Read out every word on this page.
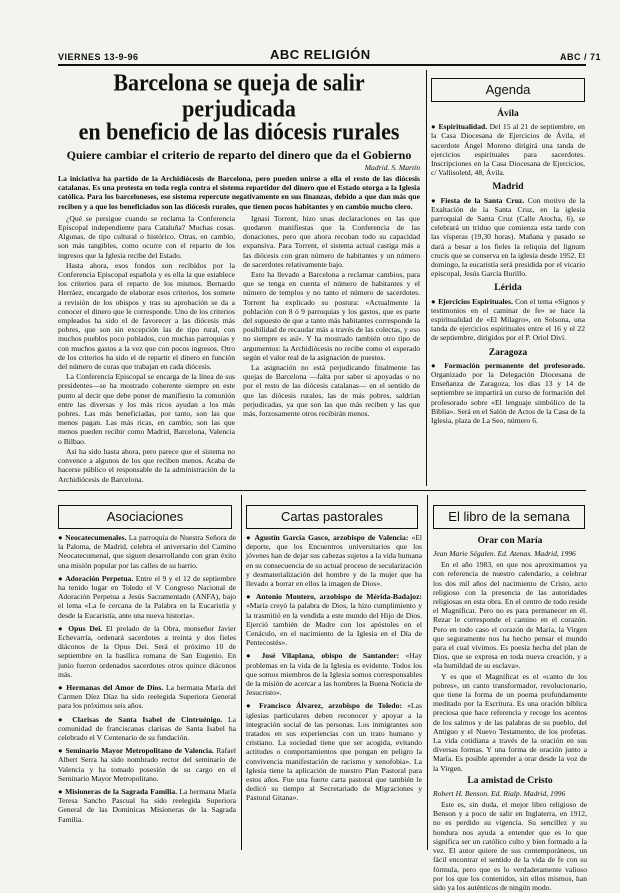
VIERNES 13-9-96	ABC RELIGIÓN	ABC / 71
Barcelona se queja de salir perjudicada
en beneficio de las diócesis rurales
Quiere cambiar el criterio de reparto del dinero que da el Gobierno
Madrid. S. Martín
La iniciativa ha partido de la Archidiócesis de Barcelona, pero pueden unirse a ella el resto de las diócesis catalanas. Es una protesta en toda regla contra el sistema repartidor del dinero que el Estado otorga a la Iglesia católica. Para los barceloneses, ese sistema repercute negativamente en sus finanzas, debido a que dan más que reciben y a que los beneficiados son las diócesis rurales, que tienen pocos habitantes y en cambio mucho clero.

¿Qué se persigue cuando se reclama la Conferencia Episcopal independiente para Cataluña? Muchas cosas. Algunas, de tipo cultural o histórico. Otras, en cambio, son más tangibles, como ocurre con el reparto de los ingresos que la Iglesia recibe del Estado.

Hasta ahora, esos fondos son recibidos por la Conferencia Episcopal española y es ella la que establece los criterios para el reparto de los mismos. Bernardo Herráez, encargado de elaborar esos criterios, los somete a revisión de los obispos y tras su aprobación se da a conocer el dinero que le corresponde. Uno de los criterios empleados ha sido el de favorecer a las diócesis más pobres, que son sin excepción las de tipo rural, con muchos pueblos poco poblados, con muchas parroquias y con muchos gastos a la vez que con pocos ingresos. Otro de los criterios ha sido el de repartir el dinero en función del número de curas que trabajan en cada diócesis.

La Conferencia Episcopal se encarga de la línea de sus presidentes—se ha mostrado coherente siempre en este punto al decir que debe poner de manifiesto la comunión entre las diversas y los más ricos ayudan a los más pobres. Las más beneficiadas, por tanto, son las que menos pagan. Las más ricas, en cambio, son las que menos pueden recibir como Madrid, Barcelona, Valencia o Bilbao.

Así ha sido hasta ahora, pero parece que el sistema no convence a algunos de los que reciben menos. Acaba de hacerse público el responsable de la administración de la Archidiócesis de Barcelona.

Ignasi Torrent, hizo unas declaraciones en las que quedaron manifiestas que la Conferencia de las donaciones, pero que ahora recoban todo su capacidad expansiva. Para Torrent, el sistema actual castiga más a las diócesis con gran número de habitantes y un número de sacerdotes relativamente bajo.

Esto ha llevado a Barcelona a reclamar cambios, para que se tenga en cuenta el número de habitantes y el número de templos y no tanto el número de sacerdotes. Torrent ha explicado su postura: «Actualmente la población con 8 ó 9 parroquias y los gastos, que es parte del supuesto de que a tanto más habitantes corresponde la posibilidad de recaudar más a través de las colectas, y eso no siempre es así». Y ha mostrado también otro tipo de argumentos: la Archidiócesis no recibe como el esperado según el valor real de la asignación de puestos.

La asignación no está perjudicando finalmente las quejas de Barcelona —falta por saber si apoyadas o no por el resto de las diócesis catalanas— en el sentido de que las diócesis rurales, las de más pobres, saldrían perjudicadas, ya que son las que más reciben y las que más, forzosamente otros recibirán menos.

Agenda
Ávila

● Espiritualidad. Del 15 al 21 de septiembre, en la Casa Diocesana de Ejercicios de Ávila, el sacerdote Ángel Moreno dirigirá una tanda de ejercicios espirituales para sacerdotes. Inscripciones en la Casa Diocesana de Ejercicios, c/ Vallisoletd, 48, Ávila.

Madrid

● Fiesta de la Santa Cruz. Con motivo de la Exaltación de la Santa Cruz, en la iglesia parroquial de Santa Cruz (Calle Atocha, 6), se celebrará un triduo que comienza esta tarde con las vísperas (19,30 horas). Mañana y pasado se dará a besar a los fieles la reliquia del lignum crucis que se conserva en la iglesia desde 1952. El domingo, la eucaristía será presidida por el vicario episcopal, Jesús García Burillo.

Lérida

● Ejercicios Espirituales. Con el tema «Signos y testimonios en el caminar de fe» se hace la espiritualidad de «El Milagro», en Solsona, una tanda de ejercicios espirituales entre el 16 y el 22 de septiembre, dirigidos por el P. Oriol Diví.

Zaragoza

● Formación permanente del profesorado. Organizado por la Delegación Diocesana de Enseñanza de Zaragoza, los días 13 y 14 de septiembre se impartirá un curso de formación del profesorado sobre «El lenguaje simbólico de la Biblia». Será en el Salón de Actos de la Casa de la Iglesia, plaza de La Seo, número 6.

Asociaciones

● Neocatecumenales. La parroquia de Nuestra Señora de la Paloma, de Madrid, celebra el aniversario del Camino Neocatecumenal, que siguen desarrollando con gran éxito una misión popular por las calles de su barrio.

● Adoración Perpetua. Entre el 9 y el 12 de septiembre ha tenido lugar en Toledo el V Congreso Nacional de Adoración Perpetua a Jesús Sacramentado (ANFA), bajo el lema «La fe cercana de la Palabra en la Eucaristía y desde la Eucaristía, ante una nueva historia».

● Opus Dei. El prelado de la Obra, monseñor Javier Echevarría, ordenará sacerdotes a treinta y dos fieles diáconos de la Opus Dei. Será el próximo 10 de septiembre en la basílica romana de San Eugenio. En junio fueron ordenados sacerdotes otros quince diáconos más.

● Hermanas del Amor de Dios. La hermana María del Carmen Díez Díaz ha sido reelegida Superiora General para los próximos seis años.

● Clarisas de Santa Isabel de Cintruénigo. La comunidad de franciscanas clarisas de Santa Isabel ha celebrado el V Centenario de su fundación.

● Seminario Mayor Metropolitano de Valencia. Rafael Albert Serra ha sido nombrado rector del seminario de Valencia y ha tomado posesión de su cargo en el Seminario Mayor Metropolitano.

● Misioneras de la Sagrada Familia. La hermana María Teresa Sancho Pascual ha sido reelegida Superiora General de las Dominicas Misioneras de la Sagrada Familia.

Cartas pastorales

● Agustín García Gasco, arzobispo de Valencia: «El deporte, que los Encuentros universitarios que los jóvenes han de dejar sus cabezas sujetos a la vida humana en su consecuencia de su actual proceso de secularización y desmaterialización del hombre y de la mujer que ha llevado a borrar en ellos la imagen de Dios».

● Antonio Montero, arzobispo de Mérida-Badajoz: «María creyó la palabra de Dios, la hizo cumplimiento y la trasmitió en la vendida a este mundo del Hijo de Dios. Ejerció también de Madre con los apóstoles en el Cenáculo, en el nacimiento de la Iglesia en el Día de Pentecostés».

● José Vilaplana, obispo de Santander: «Hay problemas en la vida de la Iglesia es evidente. Todos los que somos miembros de la Iglesia somos corresponsables de la misión de acercar a las hombres la Buena Noticia de Jesucristo».

● Francisco Álvarez, arzobispo de Toledo: «Las iglesias particulares deben reconocer y apoyar a la integración social de las personas. Los inmigrantes son tratados en sus experiencias con un trato humano y cristiano. La sociedad tiene que ser acogida, evitando actitudes o comportamientos que pongan en peligro la convivencia manifestación de racismo y xenofobia». La Iglesia tiene la aplicación de nuestro Plan Pastoral para estos años. Fue una fuerte carta pastoral que también le dedicó su tiempo al Secretariado de Migraciones y Pastoral Gitana».

El libro de la semana
Orar con María
Jean Marie Ségalen. Ed. Atenas. Madrid, 1996

En el año 1983, en que nos aproximamos ya con referencia de nuestro calendario, a celebrar los dos mil años del nacimiento de Cristo, acto religioso con la presencia de las autoridades religiosas en esta obra. En el centro de todo reside el Magníficat. Pero no es para permanecer en él. Rezar le corresponde el camino en el corazón. Pero en todo caso el corazón de María, la Virgen que seguramente nos ha hecho pensar el mundo para el cual vivimos. Es poesía hecha del plan de Dios, que se expresa en toda nueva creación, y a «la humildad de su esclava».

Y es que el Magníficat es el «canto de los pobres», un canto transformador, revolucionario, que tiene la forma de un poema profundamente meditado por la Escritura. Es una oración bíblica preciosa que hace referencia y recoge los acentos de los salmos y de las palabras de su pueblo, del Antiguo y el Nuevo Testamento, de los profetas. La vida cotidiana a través de la oración en sus diversas formas. Y una forma de oración junto a María. Es posible aprender a orar desde la voz de la Virgen.

La amistad de Cristo
Robert H. Benson. Ed. Rialp. Madrid, 1996

Este es, sin duda, el mejor libro religioso de Benson y a poco de salir en Inglaterra, en 1912, no es perdido su vigencia. Su sencillez y su hondura nos ayuda a entender que es lo que significa ser un católico culto y bien formado a la vez. El autor quiere de sus contemporáneos, un fácil encontrar el sentido de la vida de fe con su fórmula, pero que es lo verdaderamente valioso por los que los contenidos, sin ellos mismos, han sido ya los auténticos de ningún modo.
